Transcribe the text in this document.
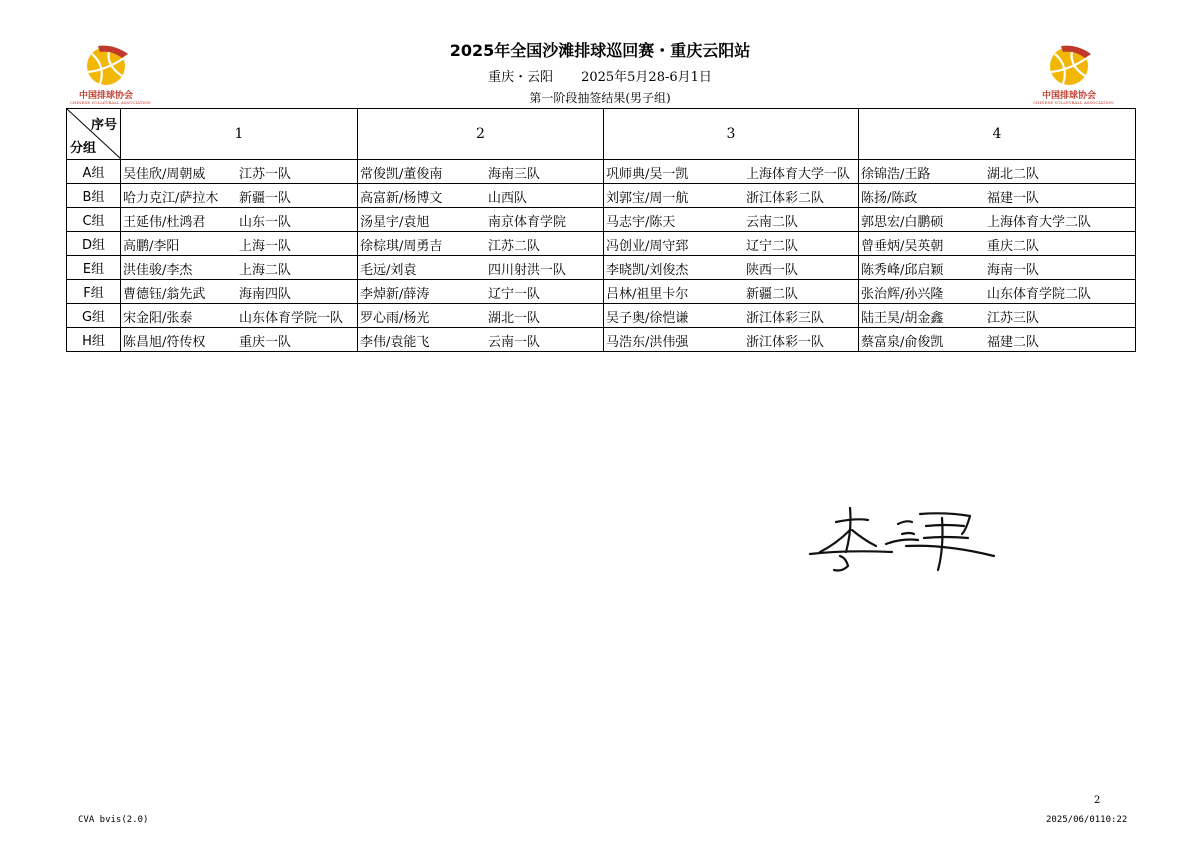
中国排球协会
CHINESE VOLLEYBALL ASSOCIATION
中国排球协会
CHINESE VOLLEYBALL ASSOCIATION
2025年全国沙滩排球巡回赛・重庆云阳站
重庆・云阳 2025年5月28-6月1日
第一阶段抽签结果(男子组)
序号
分组	1	2	3	4
A组	吴佳欣/周朝威 江苏一队	常俊凯/董俊南 海南三队	巩师典/吴一凯 上海体育大学一队	徐锦浩/王路 湖北二队

B组	哈力克江/萨拉木 新疆一队	高富新/杨博文 山西队	刘郭宝/周一航 浙江体彩二队	陈扬/陈政 福建一队

C组	王延伟/杜鸿君 山东一队	汤星宇/袁旭 南京体育学院	马志宇/陈天 云南二队	郭思宏/白鹏硕 上海体育大学二队

D组	高鹏/李阳 上海一队	徐棕琪/周勇吉 江苏二队	冯创业/周守郅 辽宁二队	曾垂炳/吴英朝 重庆二队

E组	洪佳骏/李杰 上海二队	毛远/刘袁 四川射洪一队	李晓凯/刘俊杰 陕西一队	陈秀峰/邱启颖 海南一队

F组	曹德钰/翁先武 海南四队	李焯新/薛涛 辽宁一队	吕林/祖里卡尔 新疆二队	张治辉/孙兴隆 山东体育学院二队

G组	宋金阳/张泰 山东体育学院一队	罗心雨/杨光 湖北一队	吴子奥/徐恺谦 浙江体彩三队	陆王昊/胡金鑫 江苏三队

H组	陈昌旭/符传权 重庆一队	李伟/袁能飞 云南一队	马浩东/洪伟强 浙江体彩一队	蔡富泉/俞俊凯 福建二队
2
CVA bvis(2.0)	2025/06/0110:22
